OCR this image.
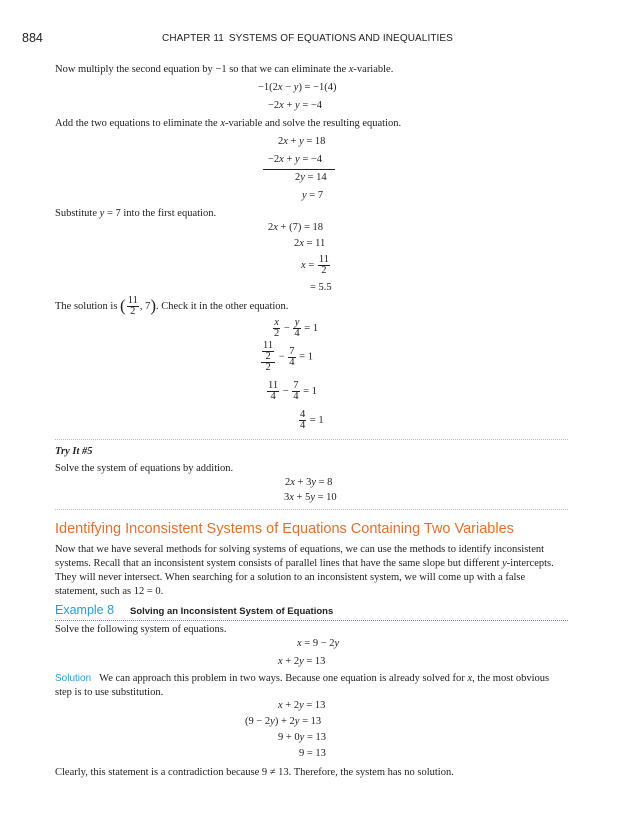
884	CHAPTER 11 SYSTEMS OF EQUATIONS AND INEQUALITIES
Now multiply the second equation by −1 so that we can eliminate the x-variable.
−1(2x − y) = −1(4)
−2x + y = −4
Add the two equations to eliminate the x-variable and solve the resulting equation.
2x + y = 18
−2x + y = −4
2y = 14
y = 7
Substitute y = 7 into the first equation.
2x + (7) = 18
2x = 11
$x = \frac{11}{2}$
= 5.5
The solution is ( $\frac{11}{2}$ , 7). Check it in the other equation.
$\frac{x}{2} - \frac{y}{4} = 1$
$\frac{\frac{11}{2}}{2} - \frac{7}{4} = 1$
$\frac{11}{4} - \frac{7}{4} = 1$
$\frac{4}{4} = 1$
Try It #5
Solve the system of equations by addition.
2x + 3y = 8
3x + 5y = 10
Identifying Inconsistent Systems of Equations Containing Two Variables
Now that we have several methods for solving systems of equations, we can use the methods to identify inconsistent
systems. Recall that an inconsistent system consists of parallel lines that have the same slope but different y-intercepts.
They will never intersect. When searching for a solution to an inconsistent system, we will come up with a false
statement, such as 12 = 0.
Example 8 Solving an Inconsistent System of Equations
Solve the following system of equations.
x = 9 − 2y
x + 2y = 13
Solution We can approach this problem in two ways. Because one equation is already solved for x, the most obvious
step is to use substitution.
x + 2y = 13
(9 − 2y) + 2y = 13
9 + 0y = 13
9 = 13
Clearly, this statement is a contradiction because 9 ≠ 13. Therefore, the system has no solution.
